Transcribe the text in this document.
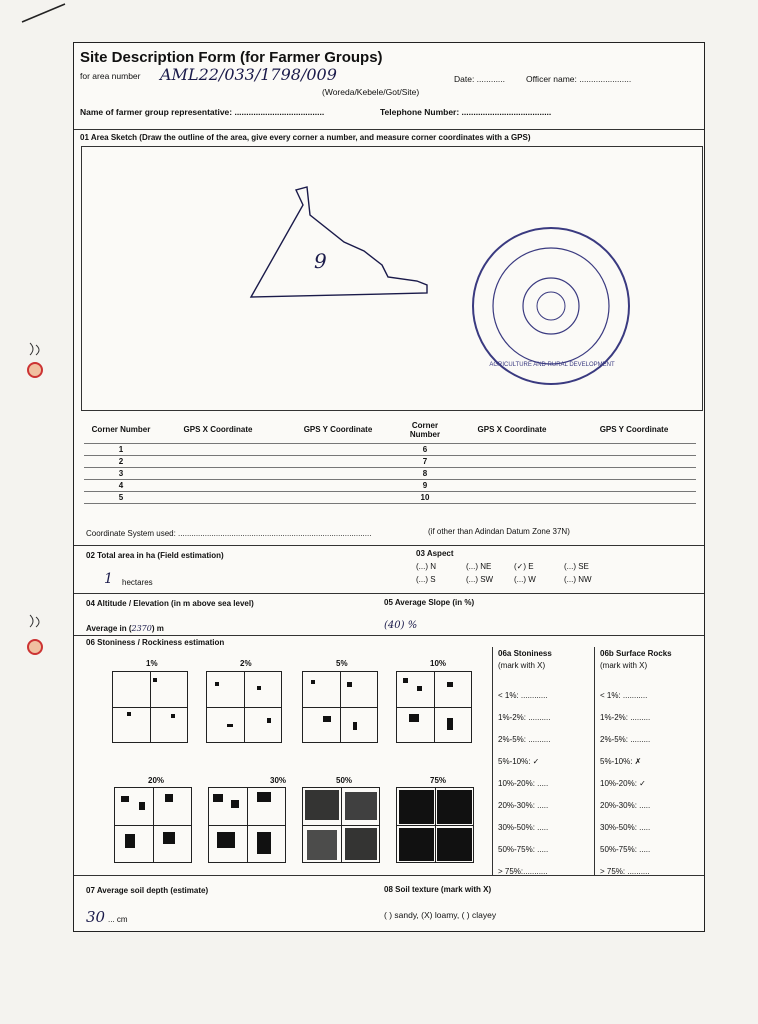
Site Description Form (for Farmer Groups)
for area number AML22/033/1798/009
(Woreda/Kebele/Got/Site)
Date: ............ Officer name: ......................
Name of farmer group representative: ......................................	Telephone Number: ......................................
01 Area Sketch (Draw the outline of the area, give every corner a number, and measure corner coordinates with a GPS)
9
AGRICULTURE AND RURAL DEVELOPMENT
Corner Number	GPS X Coordinate	GPS Y Coordinate	Corner Number	GPS X Coordinate	GPS Y Coordinate
1			6		
2			7		
3			8		
4			9		
5			10		
Coordinate System used: .......................................................................................	(if other than Adindan Datum Zone 37N)
02 Total area in ha (Field estimation)
1 hectares
03 Aspect
(...) N	(...) NE	(✓) E	(...) SE
(...) S	(...) SW	(...) W	(...) NW
04 Altitude / Elevation (in m above sea level)
Average in (2370) m
05 Average Slope (in %)
(40) %
06 Stoniness / Rockiness estimation
1%	2%	5%	10%
20%	30%	50%	75%
06a Stoniness
(mark with X)
06b Surface Rocks
(mark with X)
< 1%: ............
1%-2%: ..........
2%-5%: ..........
5%-10%: ✓
10%-20%: .....
20%-30%: .....
30%-50%: .....
50%-75%: .....
> 75%:...........
< 1%: ...........
1%-2%: .........
2%-5%: .........
5%-10%: ✗
10%-20%: ✓
20%-30%: .....
30%-50%: .....
50%-75%: .....
> 75%: ..........
07 Average soil depth (estimate)
30 ... cm
08 Soil texture (mark with X)
( ) sandy, (X) loamy, ( ) clayey
